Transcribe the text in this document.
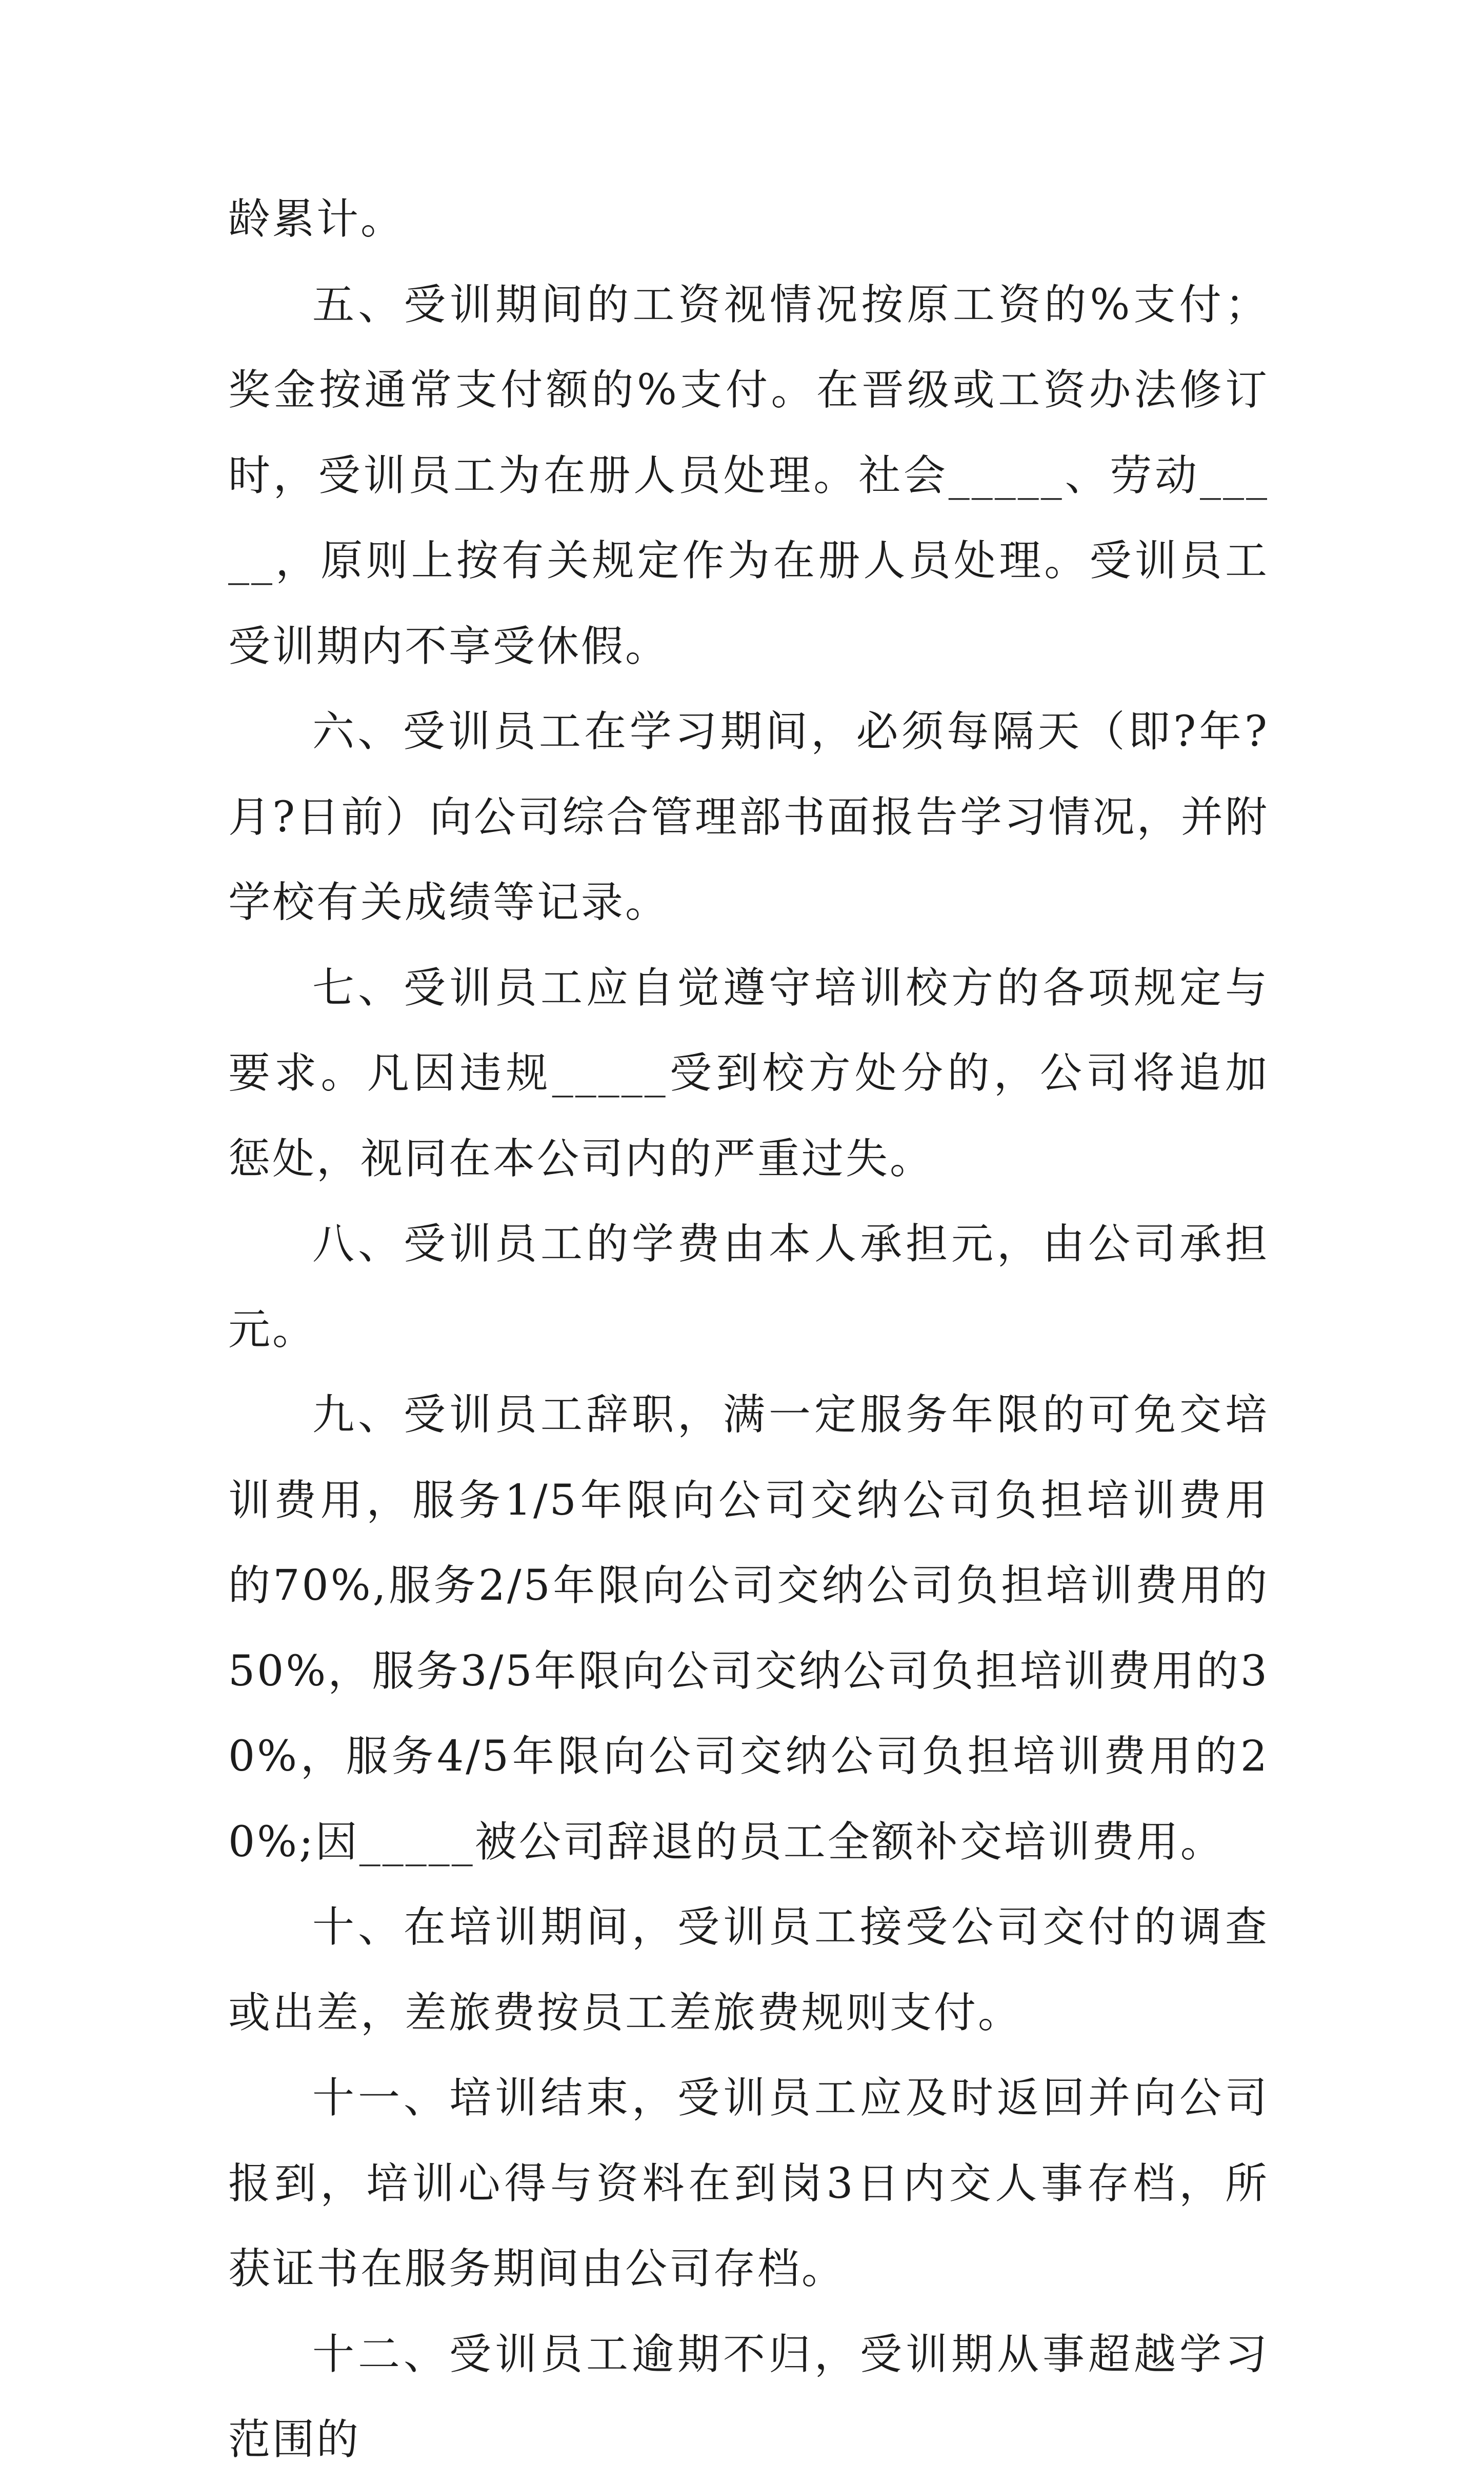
龄累计。

五、受训期间的工资视情况按原工资的%支付；奖金按通常支付额的%支付。在晋级或工资办法修订时，受训员工为在册人员处理。社会_____、劳动_____，原则上按有关规定作为在册人员处理。受训员工受训期内不享受休假。

六、受训员工在学习期间，必须每隔天（即?年?月?日前）向公司综合管理部书面报告学习情况，并附学校有关成绩等记录。

七、受训员工应自觉遵守培训校方的各项规定与要求。凡因违规_____受到校方处分的，公司将追加惩处，视同在本公司内的严重过失。

八、受训员工的学费由本人承担元，由公司承担元。

九、受训员工辞职，满一定服务年限的可免交培训费用，服务1/5年限向公司交纳公司负担培训费用的70%,服务2/5年限向公司交纳公司负担培训费用的50%，服务3/5年限向公司交纳公司负担培训费用的30%，服务4/5年限向公司交纳公司负担培训费用的20%;因_____被公司辞退的员工全额补交培训费用。

十、在培训期间，受训员工接受公司交付的调查或出差，差旅费按员工差旅费规则支付。

十一、培训结束，受训员工应及时返回并向公司报到，培训心得与资料在到岗3日内交人事存档，所获证书在服务期间由公司存档。

十二、受训员工逾期不归，受训期从事超越学习范围的
